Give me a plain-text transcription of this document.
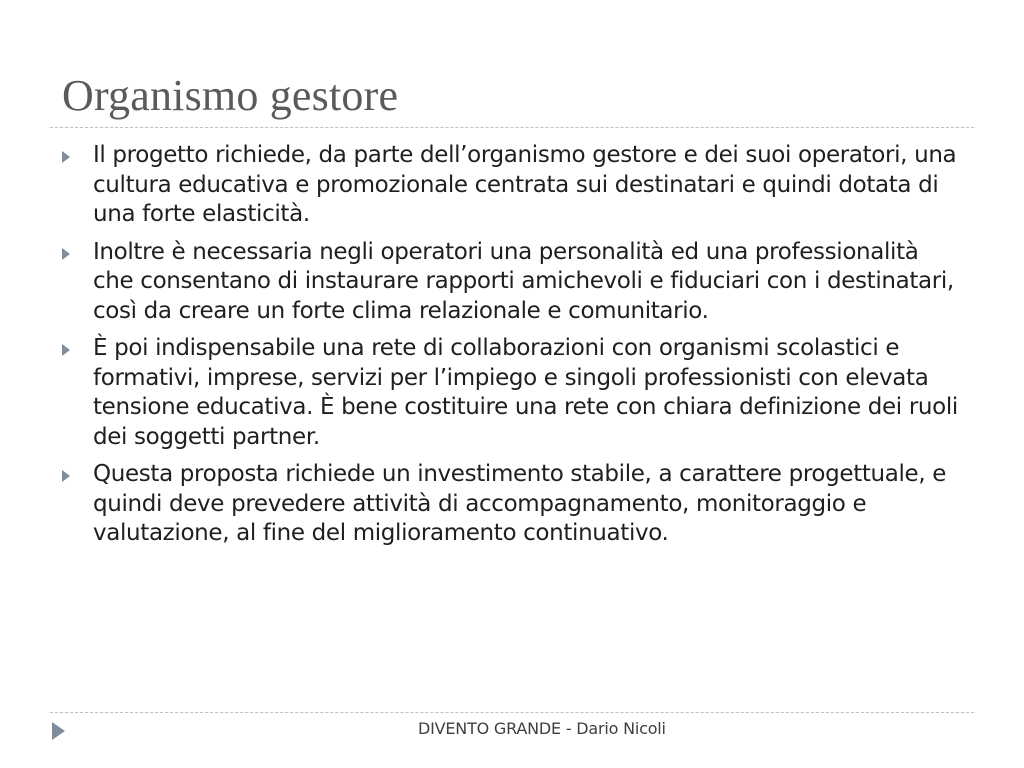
Organismo gestore
Il progetto richiede, da parte dell’organismo gestore e dei suoi operatori, una cultura educativa e promozionale centrata sui destinatari e quindi dotata di una forte elasticità.
Inoltre è necessaria negli operatori una personalità ed una professionalità che consentano di instaurare rapporti amichevoli e fiduciari con i destinatari, così da creare un forte clima relazionale e comunitario.
È poi indispensabile una rete di collaborazioni con organismi scolastici e formativi, imprese, servizi per l’impiego e singoli professionisti con elevata tensione educativa. È bene costituire una rete con chiara definizione dei ruoli dei soggetti partner.
Questa proposta richiede un investimento stabile, a carattere progettuale, e quindi deve prevedere attività di accompagnamento, monitoraggio e valutazione, al fine del miglioramento continuativo.
DIVENTO GRANDE - Dario Nicoli
